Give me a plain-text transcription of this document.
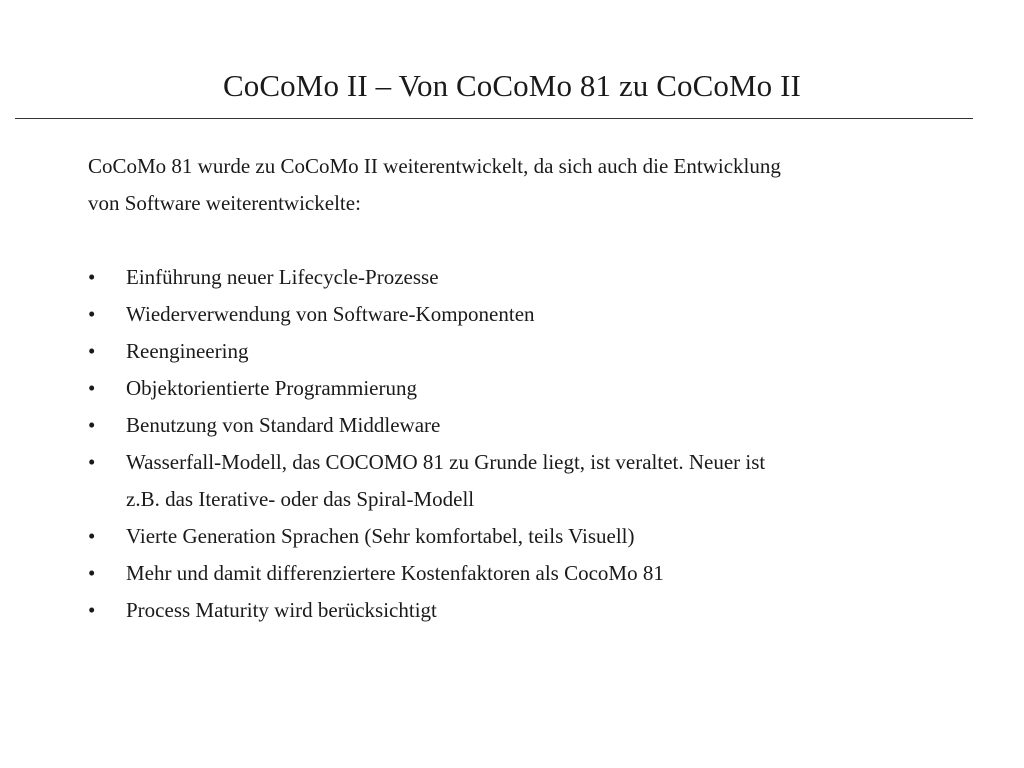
CoCoMo II – Von CoCoMo 81 zu CoCoMo II
CoCoMo 81 wurde zu CoCoMo II weiterentwickelt, da sich auch die Entwicklung
von Software weiterentwickelte:
•	Einführung neuer Lifecycle-Prozesse
•	Wiederverwendung von Software-Komponenten
•	Reengineering
•	Objektorientierte Programmierung
•	Benutzung von Standard Middleware
•	Wasserfall-Modell, das COCOMO 81 zu Grunde liegt, ist veraltet. Neuer ist
z.B. das Iterative- oder das Spiral-Modell
•	Vierte Generation Sprachen (Sehr komfortabel, teils Visuell)
•	Mehr und damit differenziertere Kostenfaktoren als CocoMo 81
•	Process Maturity wird berücksichtigt
